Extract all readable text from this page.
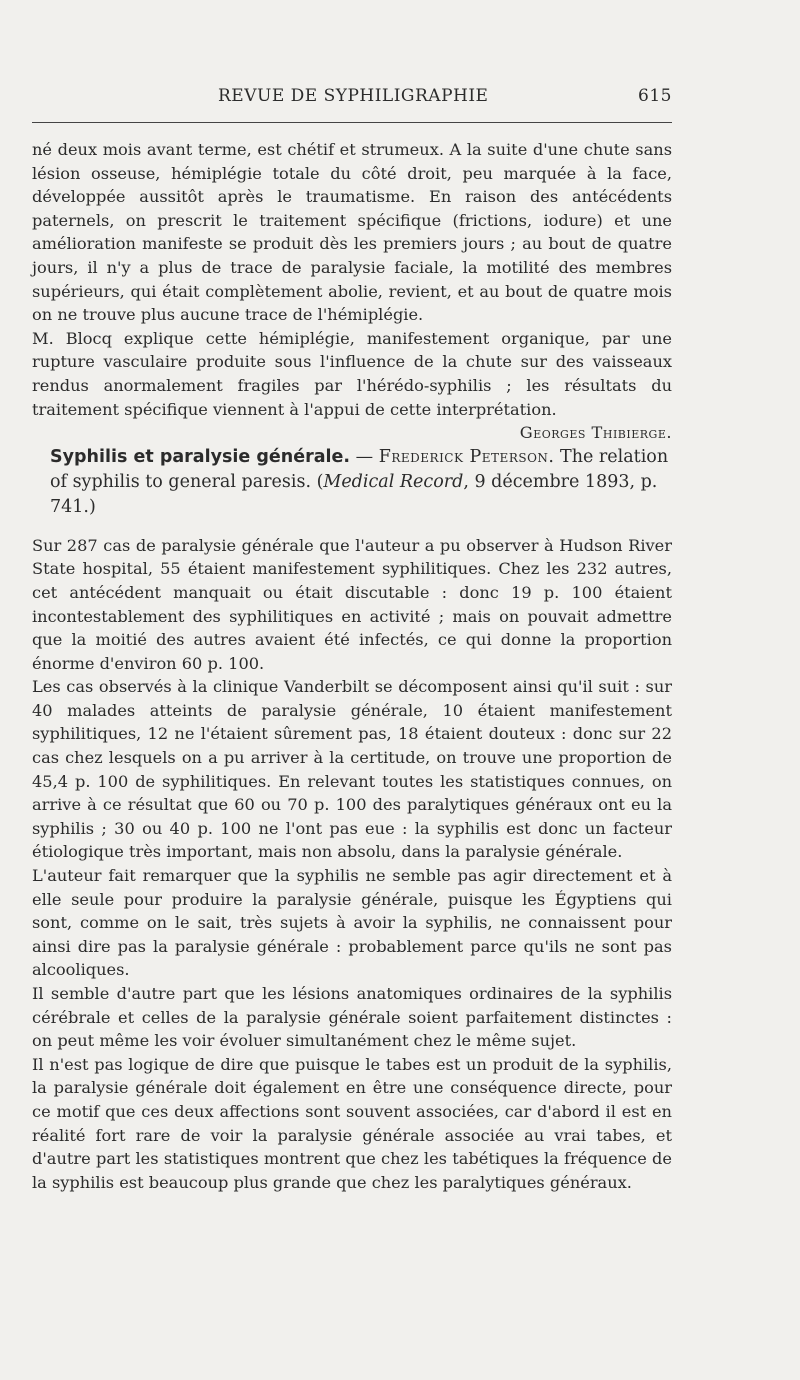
REVUE DE SYPHILIGRAPHIE	615

né deux mois avant terme, est chétif et strumeux. A la suite d'une chute sans lésion osseuse, hémiplégie totale du côté droit, peu marquée à la face, développée aussitôt après le traumatisme. En raison des antécédents paternels, on prescrit le traitement spécifique (frictions, iodure) et une amélioration manifeste se produit dès les premiers jours ; au bout de quatre jours, il n'y a plus de trace de paralysie faciale, la motilité des membres supérieurs, qui était complètement abolie, revient, et au bout de quatre mois on ne trouve plus aucune trace de l'hémiplégie.

M. Blocq explique cette hémiplégie, manifestement organique, par une rupture vasculaire produite sous l'influence de la chute sur des vaisseaux rendus anormalement fragiles par l'hérédo-syphilis ; les résultats du traitement spécifique viennent à l'appui de cette interprétation.

Georges Thibierge.

Syphilis et paralysie générale. — Frederick Peterson. The relation of syphilis to general paresis. (Medical Record, 9 décembre 1893, p. 741.)

Sur 287 cas de paralysie générale que l'auteur a pu observer à Hudson River State hospital, 55 étaient manifestement syphilitiques. Chez les 232 autres, cet antécédent manquait ou était discutable : donc 19 p. 100 étaient incontestablement des syphilitiques en activité ; mais on pouvait admettre que la moitié des autres avaient été infectés, ce qui donne la proportion énorme d'environ 60 p. 100.

Les cas observés à la clinique Vanderbilt se décomposent ainsi qu'il suit : sur 40 malades atteints de paralysie générale, 10 étaient manifestement syphilitiques, 12 ne l'étaient sûrement pas, 18 étaient douteux : donc sur 22 cas chez lesquels on a pu arriver à la certitude, on trouve une proportion de 45,4 p. 100 de syphilitiques. En relevant toutes les statistiques connues, on arrive à ce résultat que 60 ou 70 p. 100 des paralytiques généraux ont eu la syphilis ; 30 ou 40 p. 100 ne l'ont pas eue : la syphilis est donc un facteur étiologique très important, mais non absolu, dans la paralysie générale.

L'auteur fait remarquer que la syphilis ne semble pas agir directement et à elle seule pour produire la paralysie générale, puisque les Égyptiens qui sont, comme on le sait, très sujets à avoir la syphilis, ne connaissent pour ainsi dire pas la paralysie générale : probablement parce qu'ils ne sont pas alcooliques.

Il semble d'autre part que les lésions anatomiques ordinaires de la syphilis cérébrale et celles de la paralysie générale soient parfaitement distinctes : on peut même les voir évoluer simultanément chez le même sujet.

Il n'est pas logique de dire que puisque le tabes est un produit de la syphilis, la paralysie générale doit également en être une conséquence directe, pour ce motif que ces deux affections sont souvent associées, car d'abord il est en réalité fort rare de voir la paralysie générale associée au vrai tabes, et d'autre part les statistiques montrent que chez les tabétiques la fréquence de la syphilis est beaucoup plus grande que chez les paralytiques généraux.
